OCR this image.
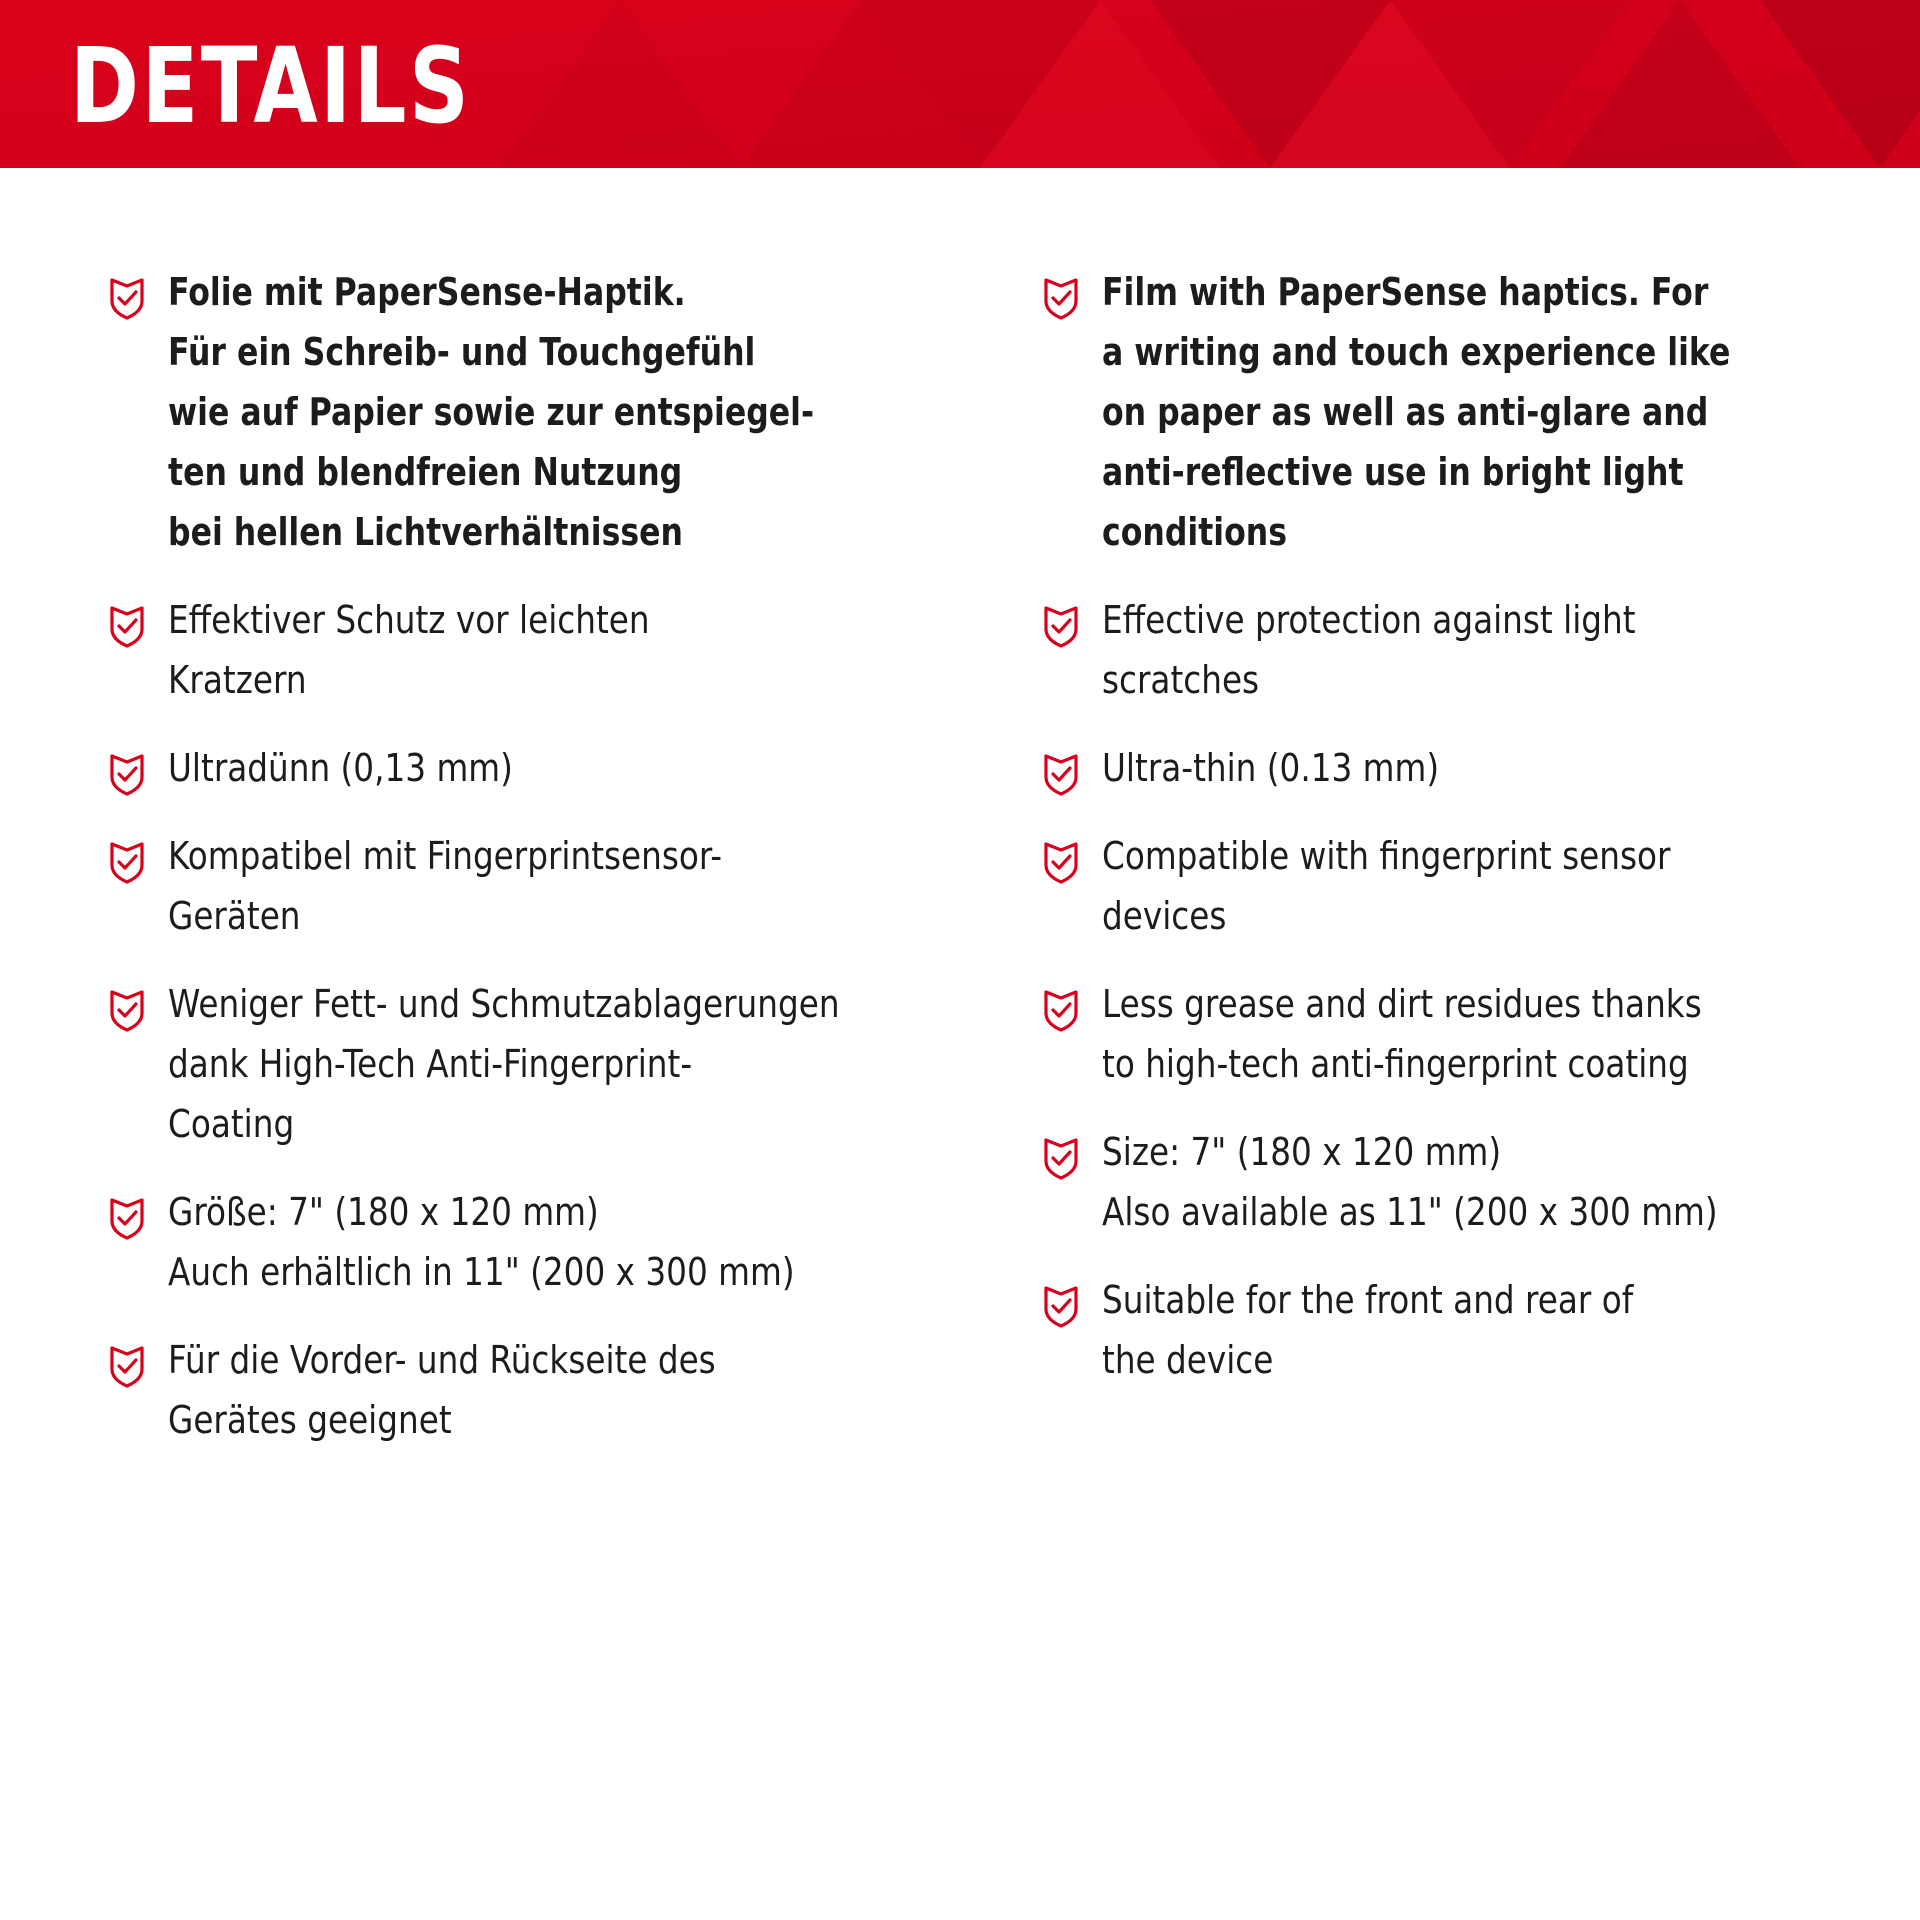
DETAILS
Folie mit PaperSense-Haptik.
Für ein Schreib- und Touchgefühl
wie auf Papier sowie zur entspiegel-
ten und blendfreien Nutzung
bei hellen Lichtverhältnissen
Effektiver Schutz vor leichten
Kratzern
Ultradünn (0,13 mm)
Kompatibel mit Fingerprintsensor-
Geräten
Weniger Fett- und Schmutzablagerungen
dank High-Tech Anti-Fingerprint-
Coating
Größe: 7" (180 x 120 mm)
Auch erhältlich in 11" (200 x 300 mm)
Für die Vorder- und Rückseite des
Gerätes geeignet
Film with PaperSense haptics. For
a writing and touch experience like
on paper as well as anti-glare and
anti-reflective use in bright light
conditions
Effective protection against light
scratches
Ultra-thin (0.13 mm)
Compatible with fingerprint sensor
devices
Less grease and dirt residues thanks
to high-tech anti-fingerprint coating
Size: 7" (180 x 120 mm)
Also available as 11" (200 x 300 mm)
Suitable for the front and rear of
the device
